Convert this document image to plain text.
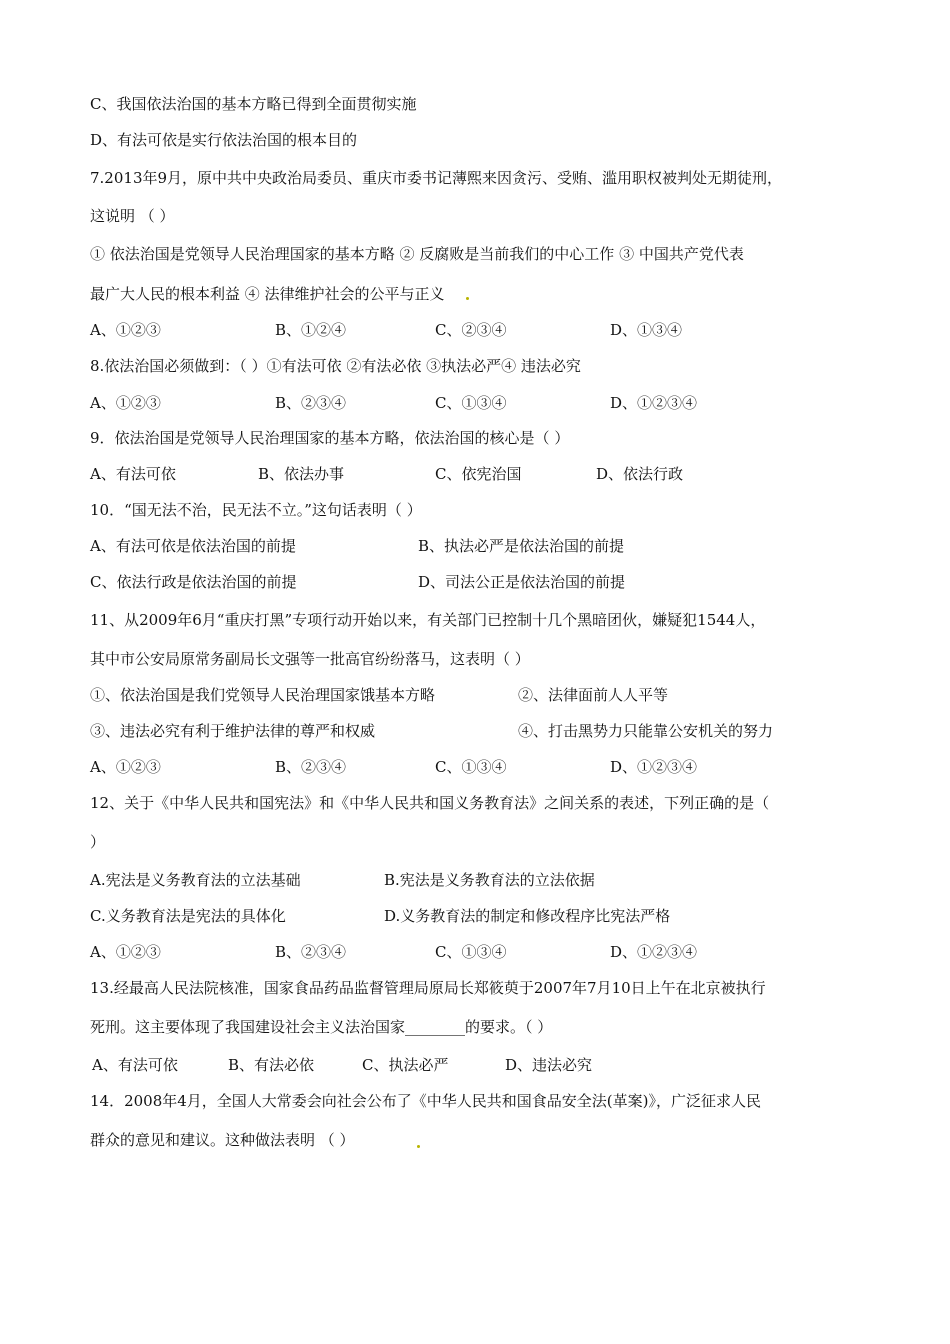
C、我国依法治国的基本方略已得到全面贯彻实施
D、有法可依是实行依法治国的根本目的
7.2013年9月，原中共中央政治局委员、重庆市委书记薄熙来因贪污、受贿、滥用职权被判处无期徒刑，
这说明 （ ）
① 依法治国是党领导人民治理国家的基本方略 ② 反腐败是当前我们的中心工作 ③ 中国共产党代表
最广大人民的根本利益 ④ 法律维护社会的公平与正义
A、①②③	B、①②④	C、②③④	D、①③④
8.依法治国必须做到：（ ）①有法可依 ②有法必依 ③执法必严④ 违法必究
A、①②③	B、②③④	C、①③④	D、①②③④
9．依法治国是党领导人民治理国家的基本方略，依法治国的核心是（ ）
A、有法可依	B、依法办事	C、依宪治国	D、依法行政
10．“国无法不治，民无法不立。”这句话表明（ ）
A、有法可依是依法治国的前提	B、执法必严是依法治国的前提
C、依法行政是依法治国的前提	D、司法公正是依法治国的前提
11、从2009年6月“重庆打黑”专项行动开始以来，有关部门已控制十几个黑暗团伙，嫌疑犯1544人，
其中市公安局原常务副局长文强等一批高官纷纷落马，这表明（ ）
①、依法治国是我们党领导人民治理国家饿基本方略	②、法律面前人人平等
③、违法必究有利于维护法律的尊严和权威	④、打击黑势力只能靠公安机关的努力
A、①②③	B、②③④	C、①③④	D、①②③④
12、关于《中华人民共和国宪法》和《中华人民共和国义务教育法》之间关系的表述，下列正确的是（
）
A.宪法是义务教育法的立法基础	B.宪法是义务教育法的立法依据
C.义务教育法是宪法的具体化	D.义务教育法的制定和修改程序比宪法严格
A、①②③	B、②③④	C、①③④	D、①②③④
13.经最高人民法院核准，国家食品药品监督管理局原局长郑筱萸于2007年7月10日上午在北京被执行
死刑。这主要体现了我国建设社会主义法治国家________的要求。（ ）
A、有法可依	B、有法必依	C、执法必严	D、违法必究
14．2008年4月，全国人大常委会向社会公布了《中华人民共和国食品安全法(革案)》，广泛征求人民
群众的意见和建议。这种做法表明 （ ）
